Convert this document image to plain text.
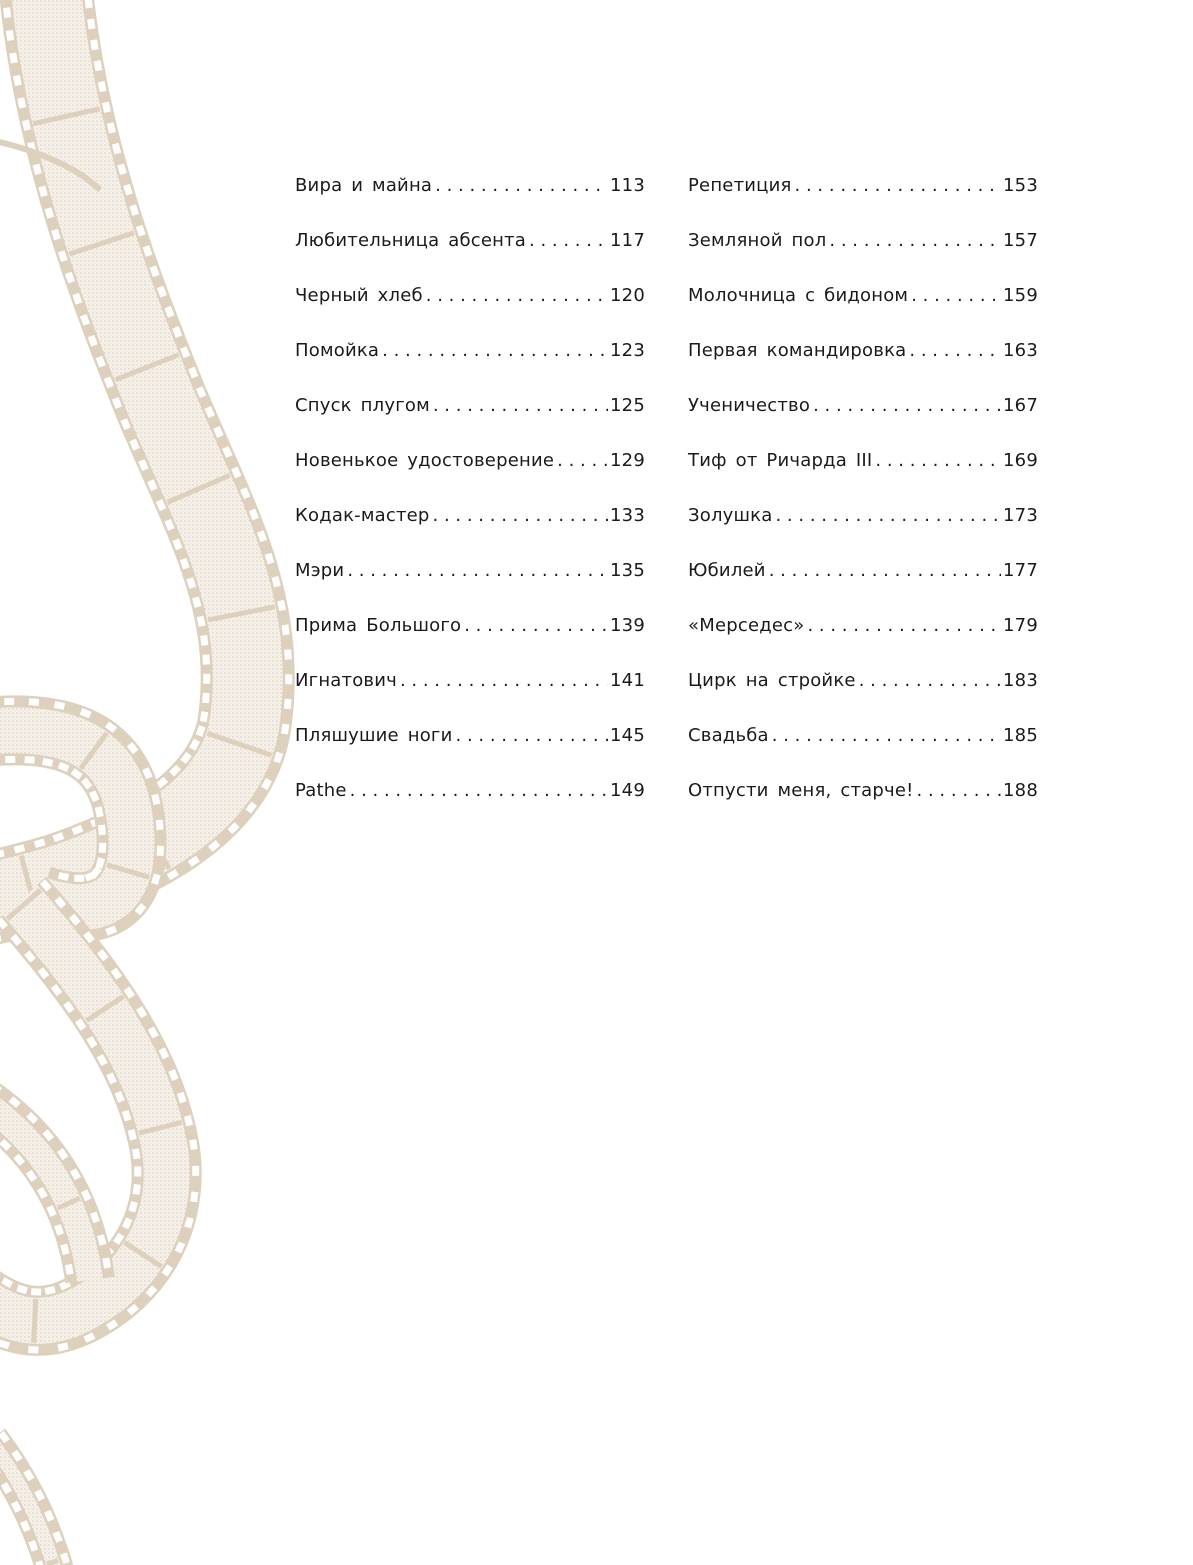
Вира и майна . . .	113
Любительница абсента . . .	117
Черный хлеб . . .	120
Помойка . . .	123
Спуск плугом . . .	125
Новенькое удостоверение . . .	129
Кодак-мастер . . .	133
Мэри . . .	135
Прима Большого . . .	139
Игнатович . . .	141
Пляшушие ноги . . .	145
Pathe . . .	149
Репетиция . . .	153
Земляной пол . . .	157
Молочница с бидоном . . .	159
Первая командировка . . .	163
Ученичество . . .	167
Тиф от Ричарда III . . .	169
Золушка . . .	173
Юбилей . . .	177
«Мерседес» . . .	179
Цирк на стройке . . .	183
Свадьба . . .	185
Отпусти меня, старче! . . .	188
